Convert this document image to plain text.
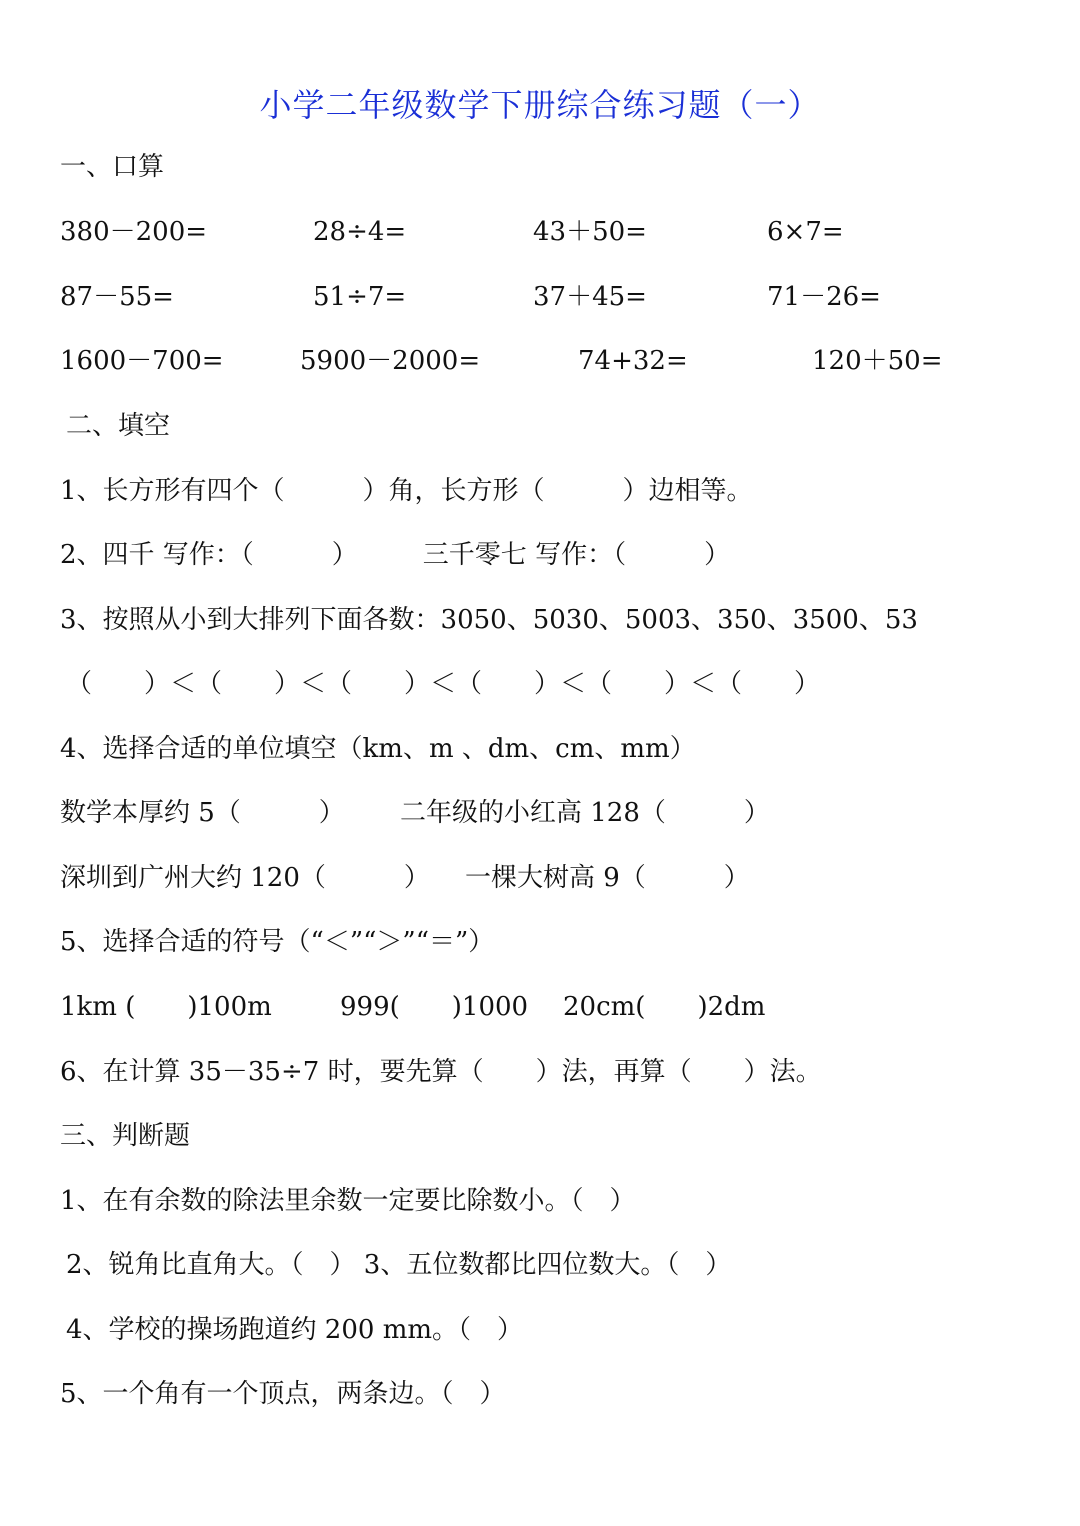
小学二年级数学下册综合练习题（一）
一、口算
380－200=	28÷4=	43＋50=	6×7=
87－55=	51÷7=	37＋45=	71－26=
1600－700=	5900－2000=	74+32=	120＋50=
二、填空
1、长方形有四个（　　　）角，长方形（　　　）边相等。
2、四千 写作：（　　　）　　　三千零七 写作：（　　　）
3、按照从小到大排列下面各数：3050、5030、5003、350、3500、53
（　　）＜（　　）＜（　　）＜（　　）＜（　　）＜（　　）
4、选择合适的单位填空（km、m 、dm、cm、mm）
数学本厚约 5（　　　） 二年级的小红高 128（　　　）
深圳到广州大约 120（　　　） 一棵大树高 9（　　　）
5、选择合适的符号（“＜”“＞”“＝”）
1km (　　)100m	999(　　)1000 20cm(　　)2dm
6、在计算 35－35÷7 时，要先算（　　）法，再算（　　）法。
三、判断题
1、在有余数的除法里余数一定要比除数小。（　）
2、锐角比直角大。（　） 3、五位数都比四位数大。（　）
4、学校的操场跑道约 200 mm。（　）
5、一个角有一个顶点，两条边。（　）
